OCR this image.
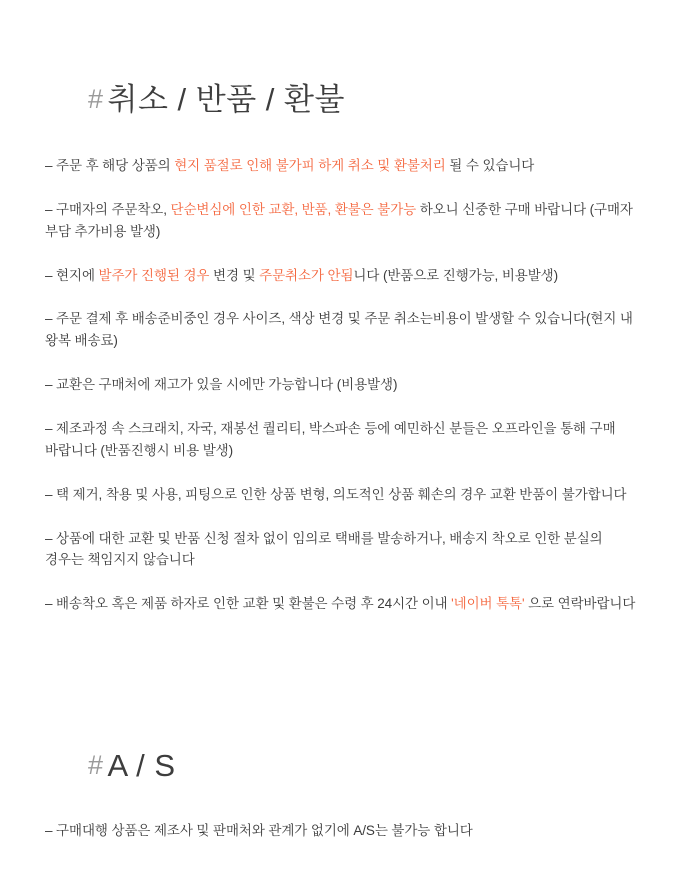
# 취소 / 반품 / 환불

– 주문 후 해당 상품의 현지 품절로 인해 불가피 하게 취소 및 환불처리 될 수 있습니다

– 구매자의 주문착오, 단순변심에 인한 교환, 반품, 환불은 불가능 하오니 신중한 구매 바랍니다 (구매자 부담 추가비용 발생)

– 현지에 발주가 진행된 경우 변경 및 주문취소가 안됨니다 (반품으로 진행가능, 비용발생)

– 주문 결제 후 배송준비중인 경우 사이즈, 색상 변경 및 주문 취소는비용이 발생할 수 있습니다(현지 내 왕복 배송료)

– 교환은 구매처에 재고가 있을 시에만 가능합니다 (비용발생)

– 제조과정 속 스크래치, 자국, 재봉선 퀄리티, 박스파손 등에 예민하신 분들은 오프라인을 통해 구매 바랍니다 (반품진행시 비용 발생)

– 택 제거, 착용 및 사용, 피팅으로 인한 상품 변형, 의도적인 상품 훼손의 경우 교환 반품이 불가합니다

– 상품에 대한 교환 및 반품 신청 절차 없이 임의로 택배를 발송하거나, 배송지 착오로 인한 분실의 경우는 책임지지 않습니다

– 배송착오 혹은 제품 하자로 인한 교환 및 환불은 수령 후 24시간 이내 '네이버 톡톡' 으로 연락바랍니다

# A / S

– 구매대행 상품은 제조사 및 판매처와 관계가 없기에 A/S는 불가능 합니다
